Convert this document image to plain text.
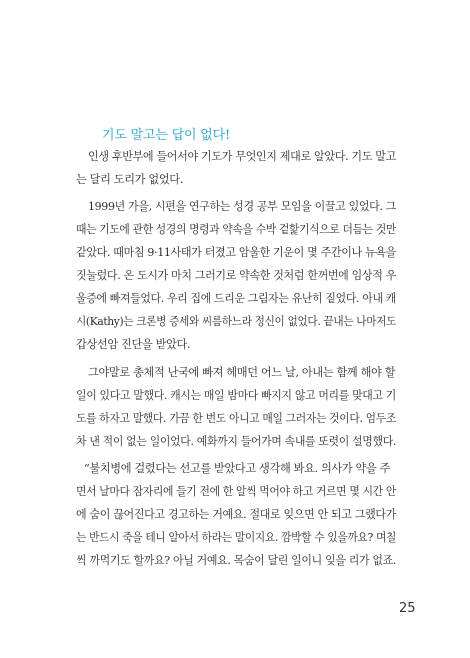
기도 말고는 답이 없다!
인생 후반부에 들어서야 기도가 무엇인지 제대로 알았다. 기도 말고
는 달리 도리가 없었다.
1999년 가을, 시편을 연구하는 성경 공부 모임을 이끌고 있었다. 그
때는 기도에 관한 성경의 명령과 약속을 수박 겉핥기식으로 더듬는 것만
같았다. 때마침 9·11사태가 터졌고 암울한 기운이 몇 주간이나 뉴욕을
짓눌렀다. 온 도시가 마치 그러기로 약속한 것처럼 한꺼번에 임상적 우
울증에 빠져들었다. 우리 집에 드리운 그림자는 유난히 짙었다. 아내 캐
시(Kathy)는 크론병 증세와 씨름하느라 정신이 없었다. 끝내는 나마저도
갑상선암 진단을 받았다.
그야말로 총체적 난국에 빠져 헤매던 어느 날, 아내는 함께 해야 할
일이 있다고 말했다. 캐시는 매일 밤마다 빠지지 않고 머리를 맞대고 기
도를 하자고 말했다. 가끔 한 번도 아니고 매일 그러자는 것이다. 엄두조
차 낸 적이 없는 일이었다. 예화까지 들어가며 속내를 또렷이 설명했다.
“불치병에 걸렸다는 선고를 받았다고 생각해 봐요. 의사가 약을 주
면서 날마다 잠자리에 들기 전에 한 알씩 먹어야 하고 거르면 몇 시간 안
에 숨이 끊어진다고 경고하는 거예요. 절대로 잊으면 안 되고 그랬다가
는 반드시 죽을 테니 알아서 하라는 말이지요. 깜박할 수 있을까요? 며칠
씩 까먹기도 할까요? 아닐 거예요. 목숨이 달린 일이니 잊을 리가 없죠.
25
